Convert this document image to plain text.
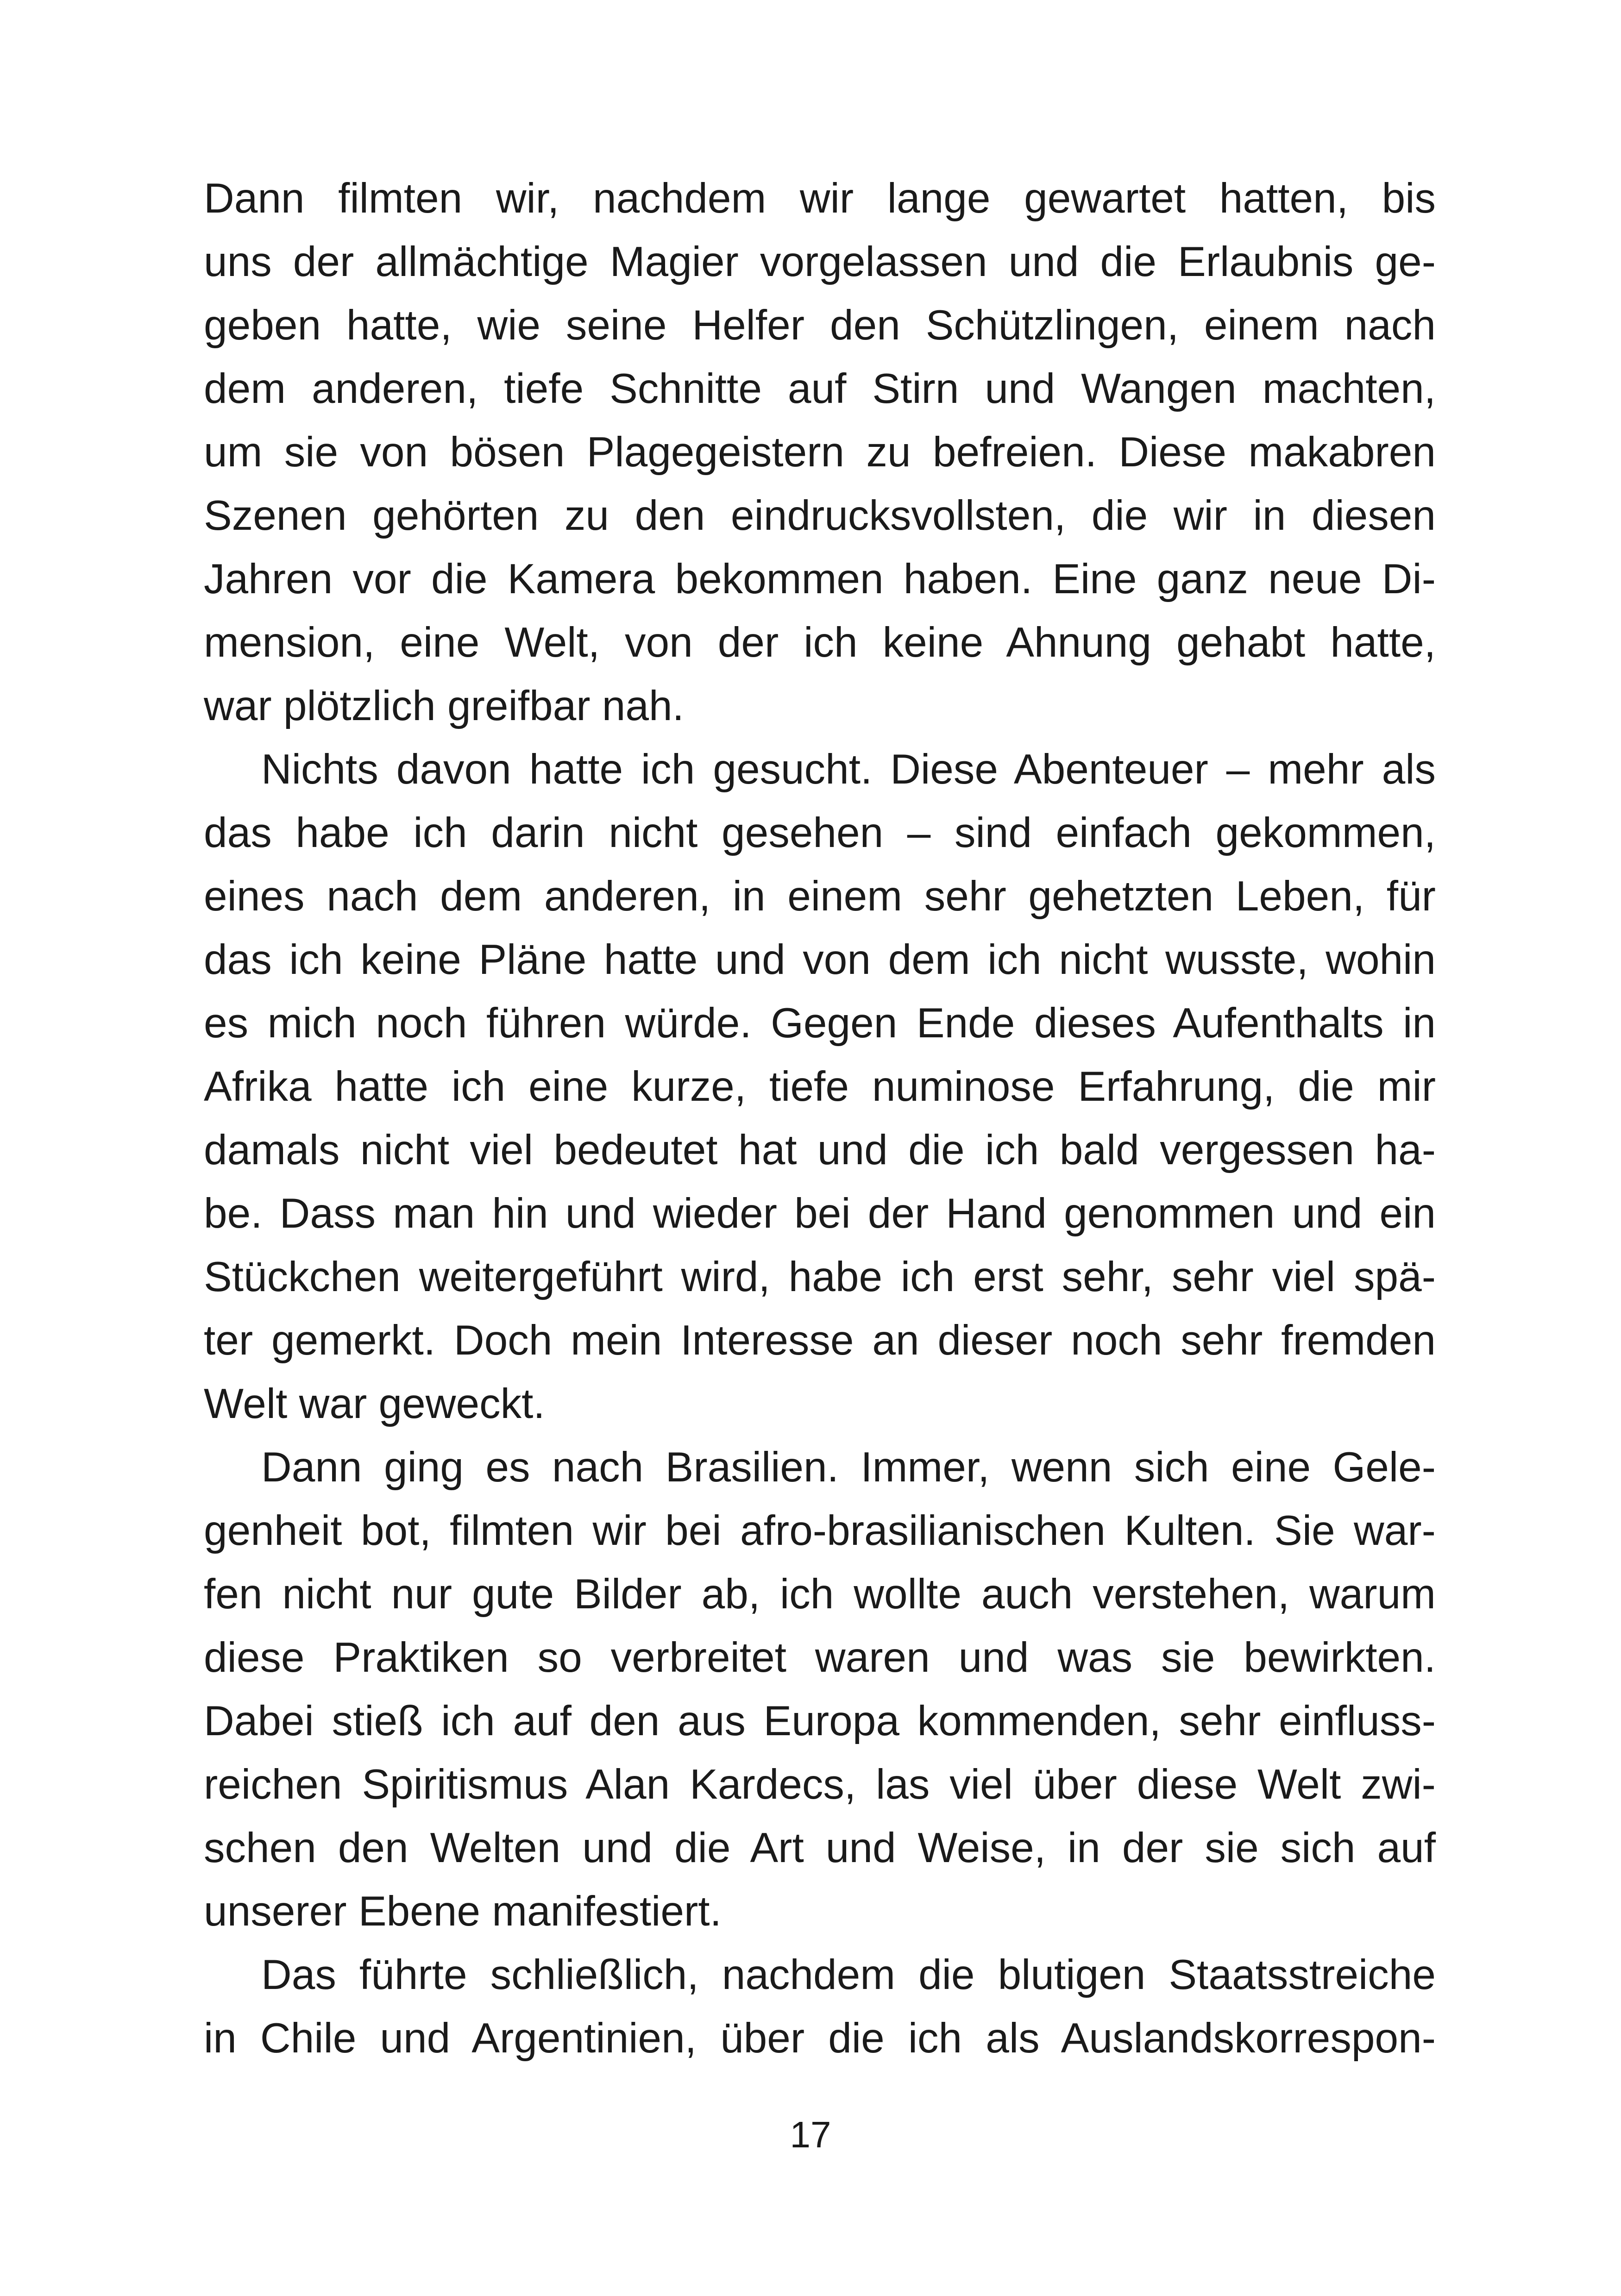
Dann filmten wir, nachdem wir lange gewartet hatten, bis
uns der allmächtige Magier vorgelassen und die Erlaubnis ge-
geben hatte, wie seine Helfer den Schützlingen, einem nach
dem anderen, tiefe Schnitte auf Stirn und Wangen machten,
um sie von bösen Plagegeistern zu befreien. Diese makabren
Szenen gehörten zu den eindrucksvollsten, die wir in diesen
Jahren vor die Kamera bekommen haben. Eine ganz neue Di-
mension, eine Welt, von der ich keine Ahnung gehabt hatte,
war plötzlich greifbar nah.
Nichts davon hatte ich gesucht. Diese Abenteuer – mehr als
das habe ich darin nicht gesehen – sind einfach gekommen,
eines nach dem anderen, in einem sehr gehetzten Leben, für
das ich keine Pläne hatte und von dem ich nicht wusste, wohin
es mich noch führen würde. Gegen Ende dieses Aufenthalts in
Afrika hatte ich eine kurze, tiefe numinose Erfahrung, die mir
damals nicht viel bedeutet hat und die ich bald vergessen ha-
be. Dass man hin und wieder bei der Hand genommen und ein
Stückchen weitergeführt wird, habe ich erst sehr, sehr viel spä-
ter gemerkt. Doch mein Interesse an dieser noch sehr fremden
Welt war geweckt.
Dann ging es nach Brasilien. Immer, wenn sich eine Gele-
genheit bot, filmten wir bei afro-brasilianischen Kulten. Sie war-
fen nicht nur gute Bilder ab, ich wollte auch verstehen, warum
diese Praktiken so verbreitet waren und was sie bewirkten.
Dabei stieß ich auf den aus Europa kommenden, sehr einfluss-
reichen Spiritismus Alan Kardecs, las viel über diese Welt zwi-
schen den Welten und die Art und Weise, in der sie sich auf
unserer Ebene manifestiert.
Das führte schließlich, nachdem die blutigen Staatsstreiche
in Chile und Argentinien, über die ich als Auslandskorrespon-
17
